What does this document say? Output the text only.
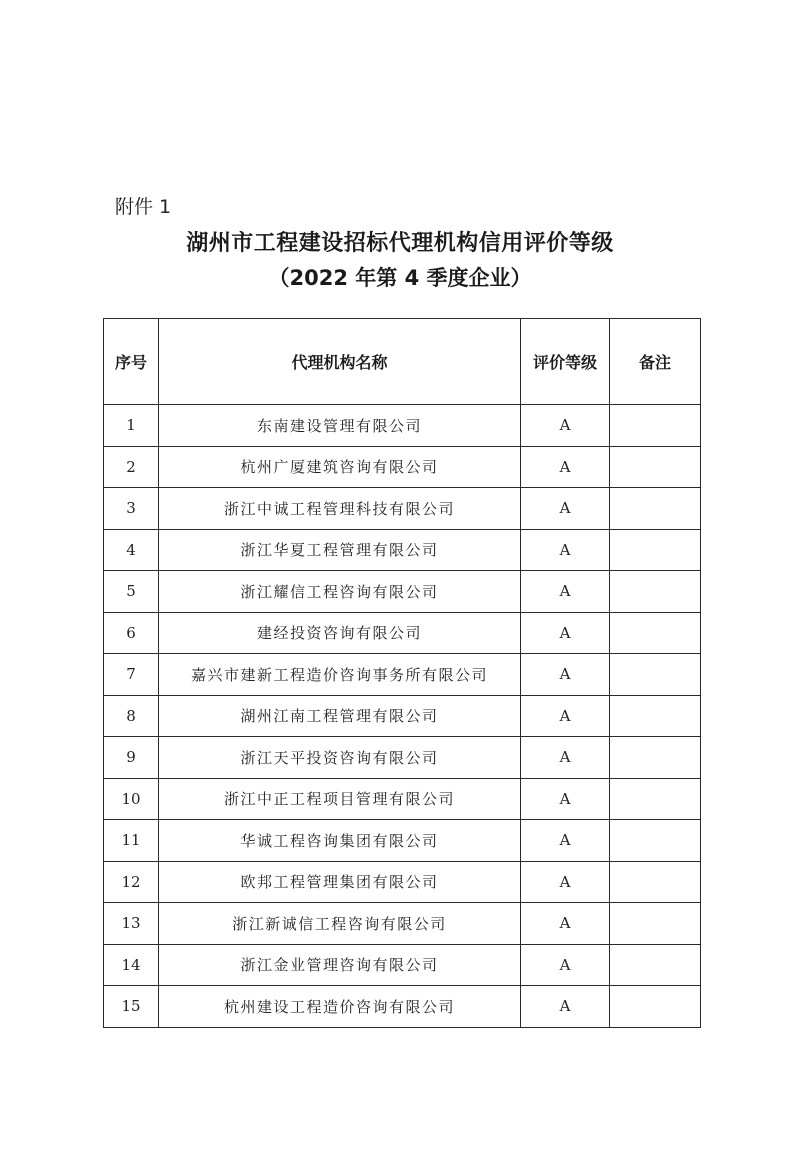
附件 1
湖州市工程建设招标代理机构信用评价等级
（2022 年第 4 季度企业）
序号	代理机构名称	评价等级	备注
1	东南建设管理有限公司	A	
2	杭州广厦建筑咨询有限公司	A	
3	浙江中诚工程管理科技有限公司	A	
4	浙江华夏工程管理有限公司	A	
5	浙江耀信工程咨询有限公司	A	
6	建经投资咨询有限公司	A	
7	嘉兴市建新工程造价咨询事务所有限公司	A	
8	湖州江南工程管理有限公司	A	
9	浙江天平投资咨询有限公司	A	
10	浙江中正工程项目管理有限公司	A	
11	华诚工程咨询集团有限公司	A	
12	欧邦工程管理集团有限公司	A	
13	浙江新诚信工程咨询有限公司	A	
14	浙江金业管理咨询有限公司	A	
15	杭州建设工程造价咨询有限公司	A	
